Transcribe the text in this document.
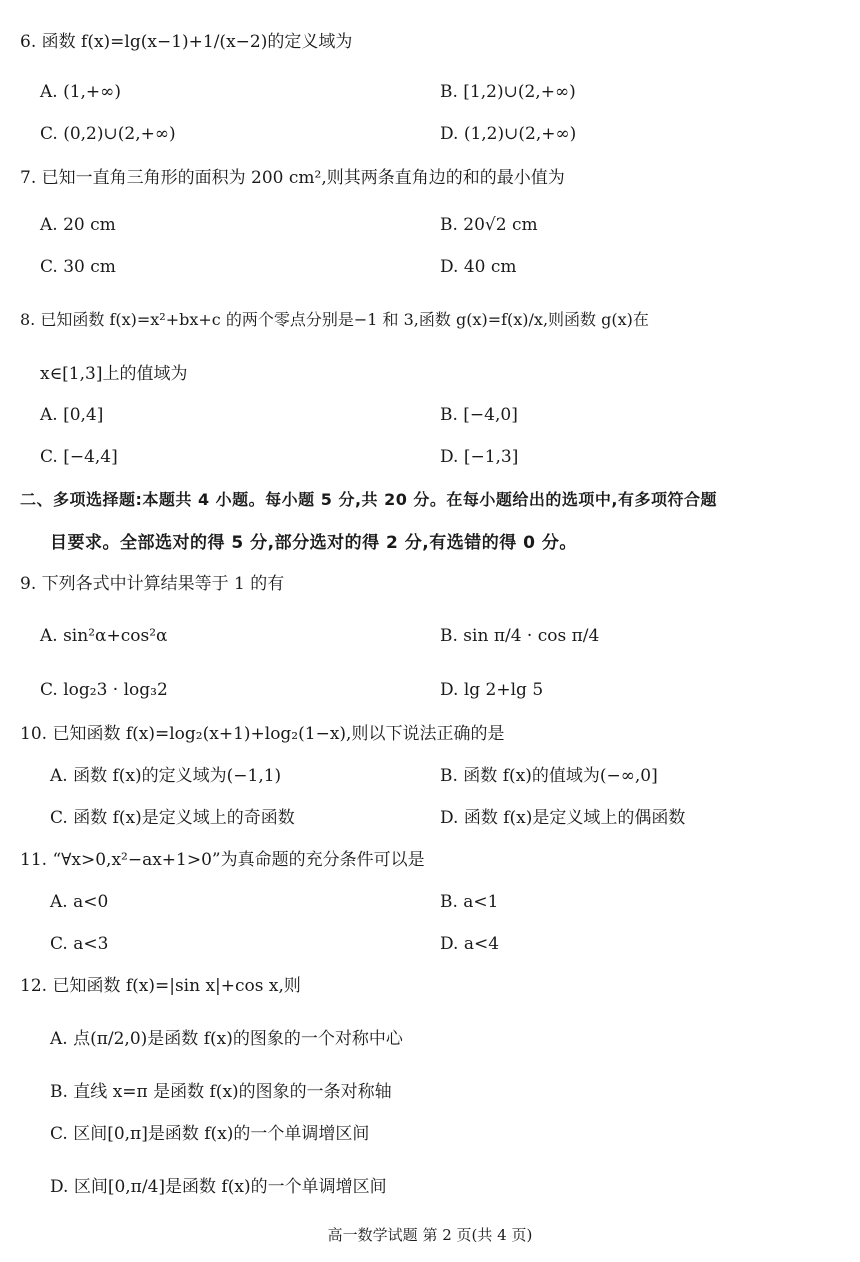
6. 函数 f(x)=lg(x−1)+1/(x−2)的定义域为
A. (1,+∞)	B. [1,2)∪(2,+∞)
C. (0,2)∪(2,+∞)	D. (1,2)∪(2,+∞)
7. 已知一直角三角形的面积为 200 cm²,则其两条直角边的和的最小值为
A. 20 cm	B. 20√2 cm
C. 30 cm	D. 40 cm
8. 已知函数 f(x)=x²+bx+c 的两个零点分别是−1 和 3,函数 g(x)=f(x)/x,则函数 g(x)在
x∈[1,3]上的值域为
A. [0,4]	B. [−4,0]
C. [−4,4]	D. [−1,3]
二、多项选择题:本题共 4 小题。每小题 5 分,共 20 分。在每小题给出的选项中,有多项符合题
目要求。全部选对的得 5 分,部分选对的得 2 分,有选错的得 0 分。
9. 下列各式中计算结果等于 1 的有
A. sin²α+cos²α	B. sin π/4 · cos π/4
C. log₂3 · log₃2	D. lg 2+lg 5
10. 已知函数 f(x)=log₂(x+1)+log₂(1−x),则以下说法正确的是
A. 函数 f(x)的定义域为(−1,1)	B. 函数 f(x)的值域为(−∞,0]
C. 函数 f(x)是定义域上的奇函数	D. 函数 f(x)是定义域上的偶函数
11. “∀x>0,x²−ax+1>0”为真命题的充分条件可以是
A. a<0	B. a<1
C. a<3	D. a<4
12. 已知函数 f(x)=|sin x|+cos x,则
A. 点(π/2,0)是函数 f(x)的图象的一个对称中心
B. 直线 x=π 是函数 f(x)的图象的一条对称轴
C. 区间[0,π]是函数 f(x)的一个单调增区间
D. 区间[0,π/4]是函数 f(x)的一个单调增区间
高一数学试题 第 2 页(共 4 页)
